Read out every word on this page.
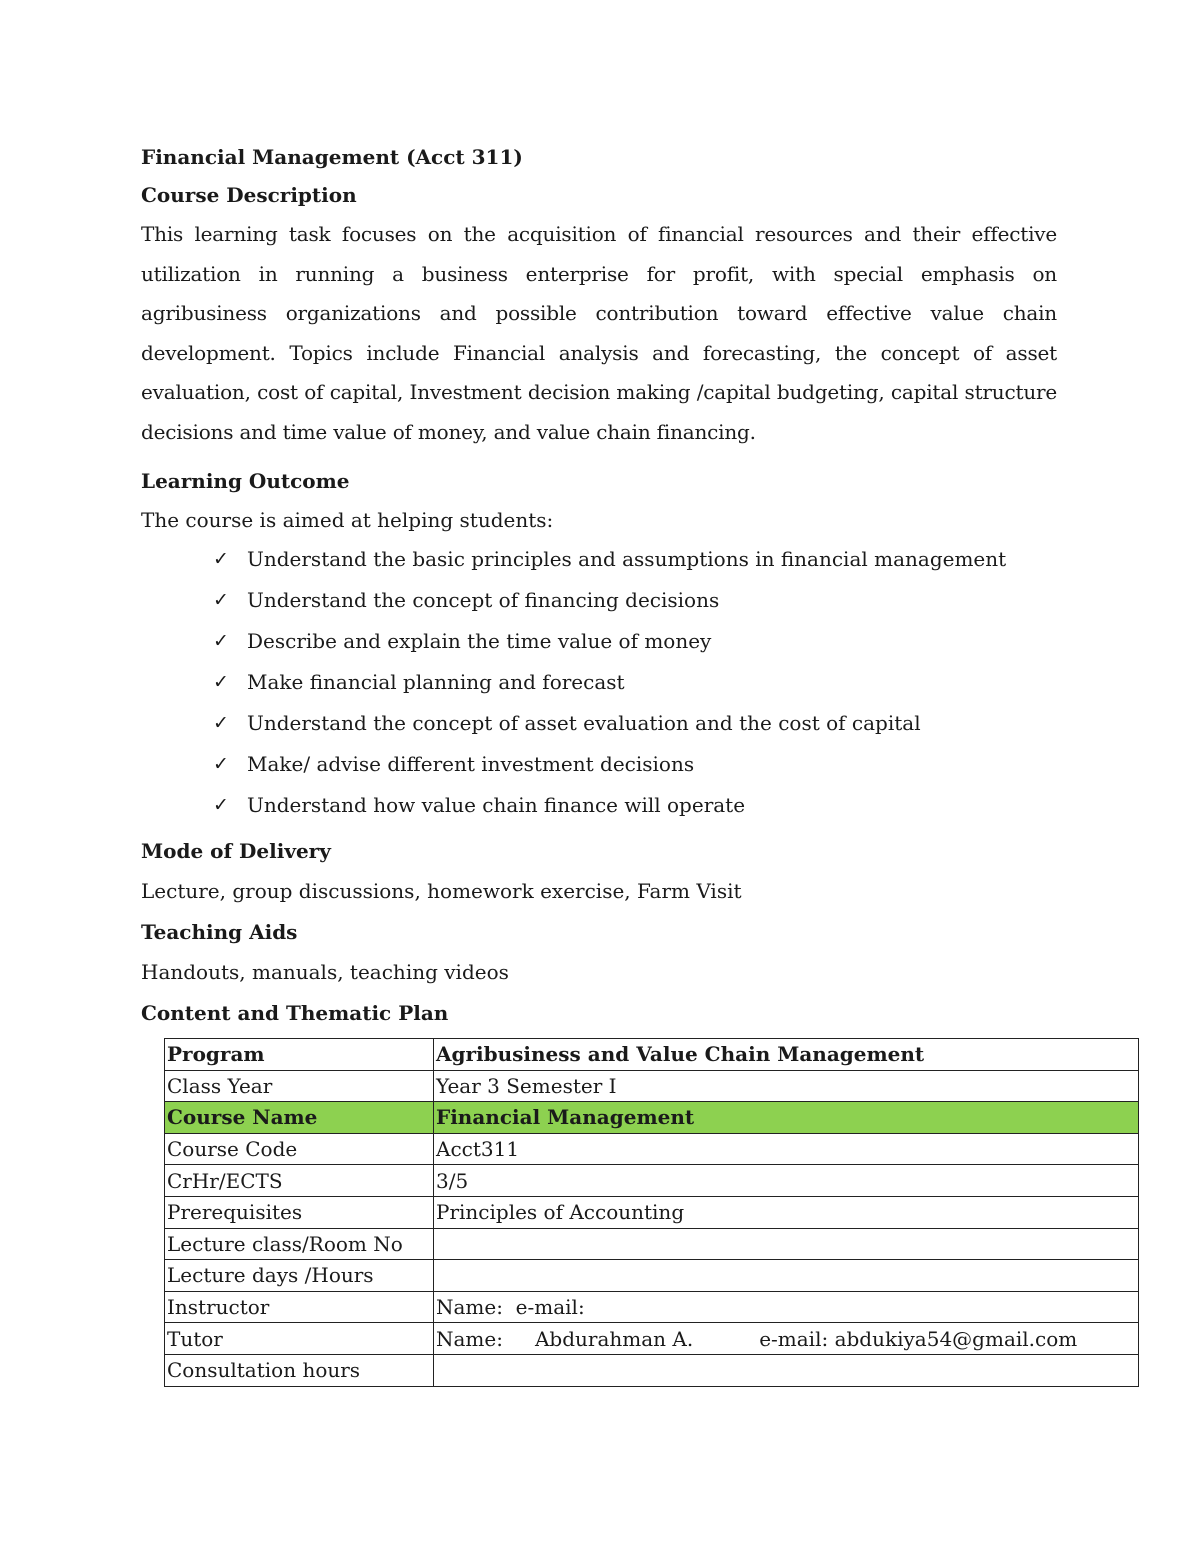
Financial Management (Acct 311)

Course Description

This learning task focuses on the acquisition of financial resources and their effective utilization in running a business enterprise for profit, with special emphasis on agribusiness organizations and possible contribution toward effective value chain development. Topics include Financial analysis and forecasting, the concept of asset evaluation, cost of capital, Investment decision making /capital budgeting, capital structure decisions and time value of money, and value chain financing.

Learning Outcome

The course is aimed at helping students:

✓ Understand the basic principles and assumptions in financial management
✓ Understand the concept of financing decisions
✓ Describe and explain the time value of money
✓ Make financial planning and forecast
✓ Understand the concept of asset evaluation and the cost of capital
✓ Make/ advise different investment decisions
✓ Understand how value chain finance will operate

Mode of Delivery

Lecture, group discussions, homework exercise, Farm Visit

Teaching Aids

Handouts, manuals, teaching videos

Content and Thematic Plan

Program	Agribusiness and Value Chain Management
Class Year	Year 3 Semester I
Course Name	Financial Management
Course Code	Acct311
CrHr/ECTS	3/5
Prerequisites	Principles of Accounting
Lecture class/Room No	
Lecture days /Hours	
Instructor	Name:  e-mail:
Tutor	Name: Abdurahman A. e-mail: abdukiya54@gmail.com
Consultation hours	
